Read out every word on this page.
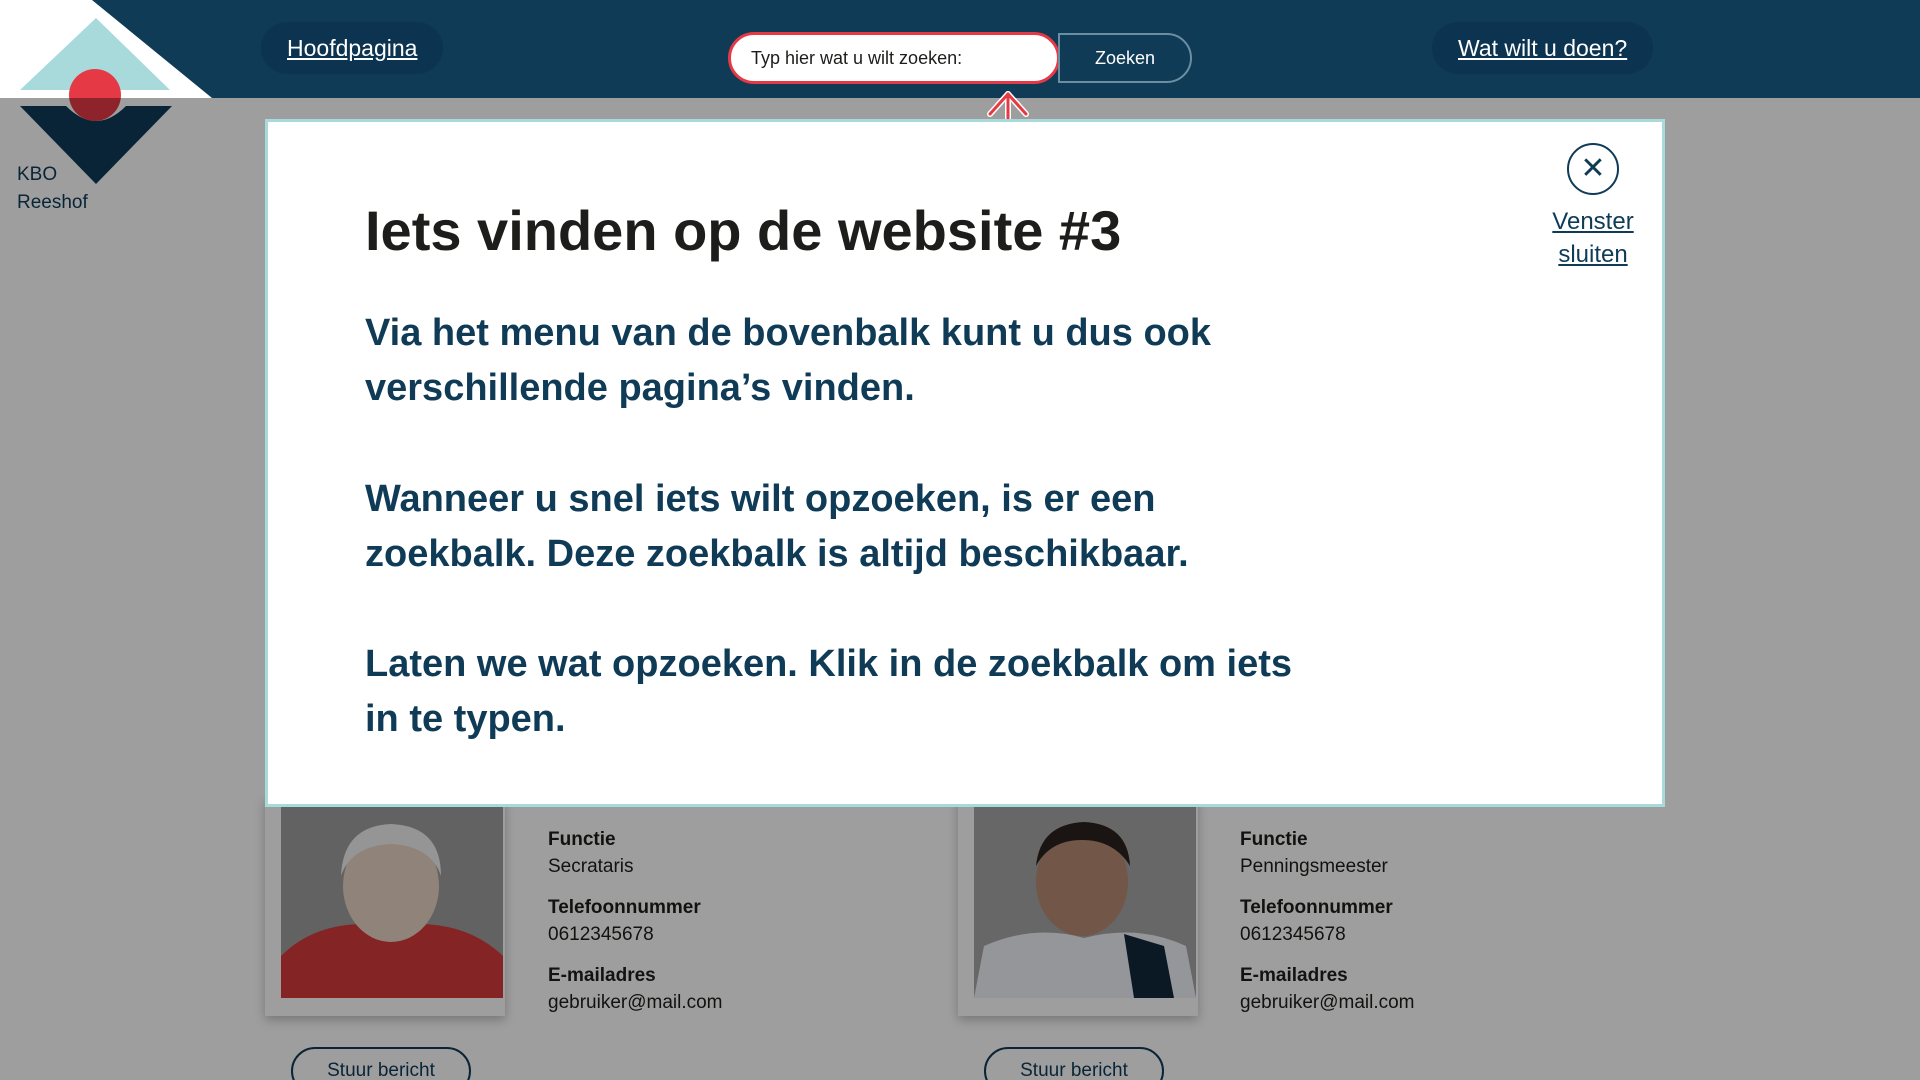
Hoofdpagina
Typ hier wat u wilt zoeken:	Zoeken	Wat wilt u doen?
KBO
Reeshof
Functie
Secrataris
Telefoonnummer
0612345678
E-mailadres
gebruiker@mail.com
Stuur bericht
Functie
Penningsmeester
Telefoonnummer
0612345678
E-mailadres
gebruiker@mail.com
Stuur bericht
Iets vinden op de website #3
Via het menu van de bovenbalk kunt u dus ook verschillende pagina’s vinden.
Wanneer u snel iets wilt opzoeken, is er een zoekbalk. Deze zoekbalk is altijd beschikbaar.
Laten we wat opzoeken. Klik in de zoekbalk om iets in te typen.
✕
Venster
sluiten
